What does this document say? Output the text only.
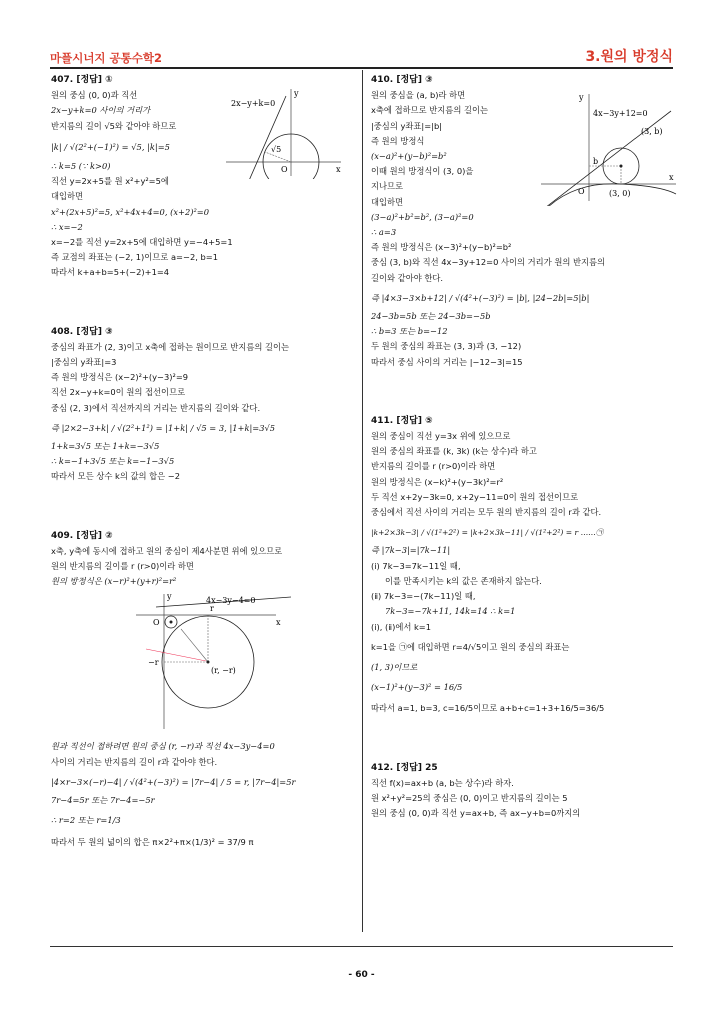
마플시너지 공통수학2	3.원의 방정식
407. [정답] ①
2x−y+k=0
√5
y
x
O
원의 중심 (0, 0)과 직선
2x−y+k=0 사이의 거리가
반지름의 길이 √5와 같아야 하므로
|k| / √(2²+(−1)²) = √5, |k|=5
∴ k=5 (∵ k>0)
직선 y=2x+5를 원 x²+y²=5에
대입하면
x²+(2x+5)²=5, x²+4x+4=0, (x+2)²=0
∴ x=−2
x=−2를 직선 y=2x+5에 대입하면 y=−4+5=1
즉 교점의 좌표는 (−2, 1)이므로 a=−2, b=1
따라서 k+a+b=5+(−2)+1=4
408. [정답] ③
중심의 좌표가 (2, 3)이고 x축에 접하는 원이므로 반지름의 길이는
|중심의 y좌표|=3
즉 원의 방정식은 (x−2)²+(y−3)²=9
직선 2x−y+k=0이 원의 접선이므로
중심 (2, 3)에서 직선까지의 거리는 반지름의 길이와 같다.
즉 |2×2−3+k| / √(2²+1²) = |1+k| / √5 = 3, |1+k|=3√5
1+k=3√5 또는 1+k=−3√5
∴ k=−1+3√5 또는 k=−1−3√5
따라서 모든 상수 k의 값의 합은 −2
409. [정답] ②
x축, y축에 동시에 접하고 원의 중심이 제4사분면 위에 있으므로
원의 반지름의 길이를 r (r>0)이라 하면
원의 방정식은 (x−r)²+(y+r)²=r²
4x−3y−4=0
(r, −r)
−r
r
y
x
O
원과 직선이 접하려면 원의 중심 (r, −r)과 직선 4x−3y−4=0
사이의 거리는 반지름의 길이 r과 같아야 한다.
|4×r−3×(−r)−4| / √(4²+(−3)²) = |7r−4| / 5 = r, |7r−4|=5r
7r−4=5r 또는 7r−4=−5r
∴ r=2 또는 r=1/3
따라서 두 원의 넓이의 합은 π×2²+π×(1/3)² = 37/9 π
410. [정답] ③
4x−3y+12=0
(3, b)
(3, 0)
b
y
x
O
원의 중심을 (a, b)라 하면
x축에 접하므로 반지름의 길이는
|중심의 y좌표|=|b|
즉 원의 방정식
(x−a)²+(y−b)²=b²
이때 원의 방정식이 (3, 0)을
지나므로
대입하면
(3−a)²+b²=b², (3−a)²=0
∴ a=3
즉 원의 방정식은 (x−3)²+(y−b)²=b²
중심 (3, b)와 직선 4x−3y+12=0 사이의 거리가 원의 반지름의
길이와 같아야 한다.
즉 |4×3−3×b+12| / √(4²+(−3)²) = |b|, |24−2b|=5|b|
24−3b=5b 또는 24−3b=−5b
∴ b=3 또는 b=−12
두 원의 중심의 좌표는 (3, 3)과 (3, −12)
따라서 중심 사이의 거리는 |−12−3|=15
411. [정답] ⑤
원의 중심이 직선 y=3x 위에 있으므로
원의 중심의 좌표를 (k, 3k) (k는 상수)라 하고
반지름의 길이를 r (r>0)이라 하면
원의 방정식은 (x−k)²+(y−3k)²=r²
두 직선 x+2y−3k=0, x+2y−11=0이 원의 접선이므로
중심에서 직선 사이의 거리는 모두 원의 반지름의 길이 r과 같다.
|k+2×3k−3| / √(1²+2²) = |k+2×3k−11| / √(1²+2²) = r ……㉠
즉 |7k−3|=|7k−11|
(ⅰ) 7k−3=7k−11일 때,
이를 만족시키는 k의 값은 존재하지 않는다.
(ⅱ) 7k−3=−(7k−11)일 때,
7k−3=−7k+11, 14k=14 ∴ k=1
(ⅰ), (ⅱ)에서 k=1
k=1을 ㉠에 대입하면 r=4/√5이고 원의 중심의 좌표는
(1, 3)이므로
(x−1)²+(y−3)² = 16/5
따라서 a=1, b=3, c=16/5이므로 a+b+c=1+3+16/5=36/5
412. [정답] 25
직선 f(x)=ax+b (a, b는 상수)라 하자.
원 x²+y²=25의 중심은 (0, 0)이고 반지름의 길이는 5
원의 중심 (0, 0)과 직선 y=ax+b, 즉 ax−y+b=0까지의
- 60 -
